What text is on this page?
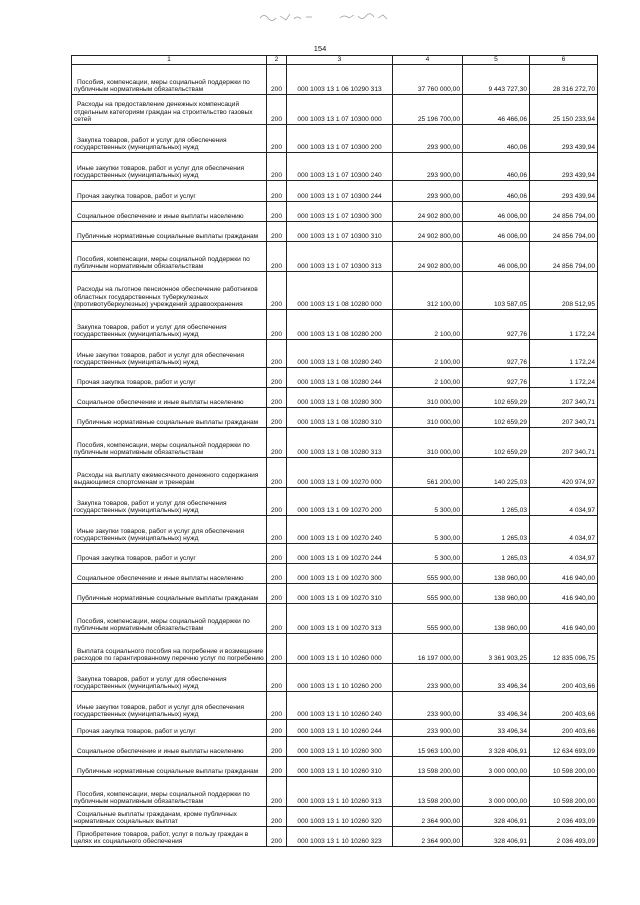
154
1	2	3	4	5	6
Пособия, компенсации, меры социальной поддержки по публичным нормативным обязательствам	200	000 1003 13 1 06 10290 313	37 760 000,00	9 443 727,30	28 316 272,70
Расходы на предоставление денежных компенсаций отдельным категориям граждан на строительство газовых сетей	200	000 1003 13 1 07 10300 000	25 196 700,00	46 466,06	25 150 233,94
Закупка товаров, работ и услуг для обеспечения государственных (муниципальных) нужд	200	000 1003 13 1 07 10300 200	293 900,00	460,06	293 439,94
Иные закупки товаров, работ и услуг для обеспечения государственных (муниципальных) нужд	200	000 1003 13 1 07 10300 240	293 900,00	460,06	293 439,94
Прочая закупка товаров, работ и услуг	200	000 1003 13 1 07 10300 244	293 900,00	460,06	293 439,94
Социальное обеспечение и иные выплаты населению	200	000 1003 13 1 07 10300 300	24 902 800,00	46 006,00	24 856 794,00
Публичные нормативные социальные выплаты гражданам	200	000 1003 13 1 07 10300 310	24 902 800,00	46 006,00	24 856 794,00
Пособия, компенсации, меры социальной поддержки по публичным нормативным обязательствам	200	000 1003 13 1 07 10300 313	24 902 800,00	46 006,00	24 856 794,00
Расходы на льготное пенсионное обеспечение работников областных государственных туберкулезных (противотуберкулезных) учреждений здравоохранения	200	000 1003 13 1 08 10280 000	312 100,00	103 587,05	208 512,95
Закупка товаров, работ и услуг для обеспечения государственных (муниципальных) нужд	200	000 1003 13 1 08 10280 200	2 100,00	927,76	1 172,24
Иные закупки товаров, работ и услуг для обеспечения государственных (муниципальных) нужд	200	000 1003 13 1 08 10280 240	2 100,00	927,76	1 172,24
Прочая закупка товаров, работ и услуг	200	000 1003 13 1 08 10280 244	2 100,00	927,76	1 172,24
Социальное обеспечение и иные выплаты населению	200	000 1003 13 1 08 10280 300	310 000,00	102 659,29	207 340,71
Публичные нормативные социальные выплаты гражданам	200	000 1003 13 1 08 10280 310	310 000,00	102 659,29	207 340,71
Пособия, компенсации, меры социальной поддержки по публичным нормативным обязательствам	200	000 1003 13 1 08 10280 313	310 000,00	102 659,29	207 340,71
Расходы на выплату ежемесячного денежного содержания выдающимся спортсменам и тренерам	200	000 1003 13 1 09 10270 000	561 200,00	140 225,03	420 974,97
Закупка товаров, работ и услуг для обеспечения государственных (муниципальных) нужд	200	000 1003 13 1 09 10270 200	5 300,00	1 265,03	4 034,97
Иные закупки товаров, работ и услуг для обеспечения государственных (муниципальных) нужд	200	000 1003 13 1 09 10270 240	5 300,00	1 265,03	4 034,97
Прочая закупка товаров, работ и услуг	200	000 1003 13 1 09 10270 244	5 300,00	1 265,03	4 034,97
Социальное обеспечение и иные выплаты населению	200	000 1003 13 1 09 10270 300	555 900,00	138 960,00	416 940,00
Публичные нормативные социальные выплаты гражданам	200	000 1003 13 1 09 10270 310	555 900,00	138 960,00	416 940,00
Пособия, компенсации, меры социальной поддержки по публичным нормативным обязательствам	200	000 1003 13 1 09 10270 313	555 900,00	138 960,00	416 940,00
Выплата социального пособия на погребение и возмещение расходов по гарантированному перечню услуг по погребению	200	000 1003 13 1 10 10260 000	16 197 000,00	3 361 903,25	12 835 096,75
Закупка товаров, работ и услуг для обеспечения государственных (муниципальных) нужд	200	000 1003 13 1 10 10260 200	233 900,00	33 496,34	200 403,66
Иные закупки товаров, работ и услуг для обеспечения государственных (муниципальных) нужд	200	000 1003 13 1 10 10260 240	233 900,00	33 496,34	200 403,66
Прочая закупка товаров, работ и услуг	200	000 1003 13 1 10 10260 244	233 900,00	33 496,34	200 403,66
Социальное обеспечение и иные выплаты населению	200	000 1003 13 1 10 10260 300	15 963 100,00	3 328 406,91	12 634 693,09
Публичные нормативные социальные выплаты гражданам	200	000 1003 13 1 10 10260 310	13 598 200,00	3 000 000,00	10 598 200,00
Пособия, компенсации, меры социальной поддержки по публичным нормативным обязательствам	200	000 1003 13 1 10 10260 313	13 598 200,00	3 000 000,00	10 598 200,00
Социальные выплаты гражданам, кроме публичных нормативных социальных выплат	200	000 1003 13 1 10 10260 320	2 364 900,00	328 406,91	2 036 493,09
Приобретение товаров, работ, услуг в пользу граждан в целях их социального обеспечения	200	000 1003 13 1 10 10260 323	2 364 900,00	328 406,91	2 036 493,09
